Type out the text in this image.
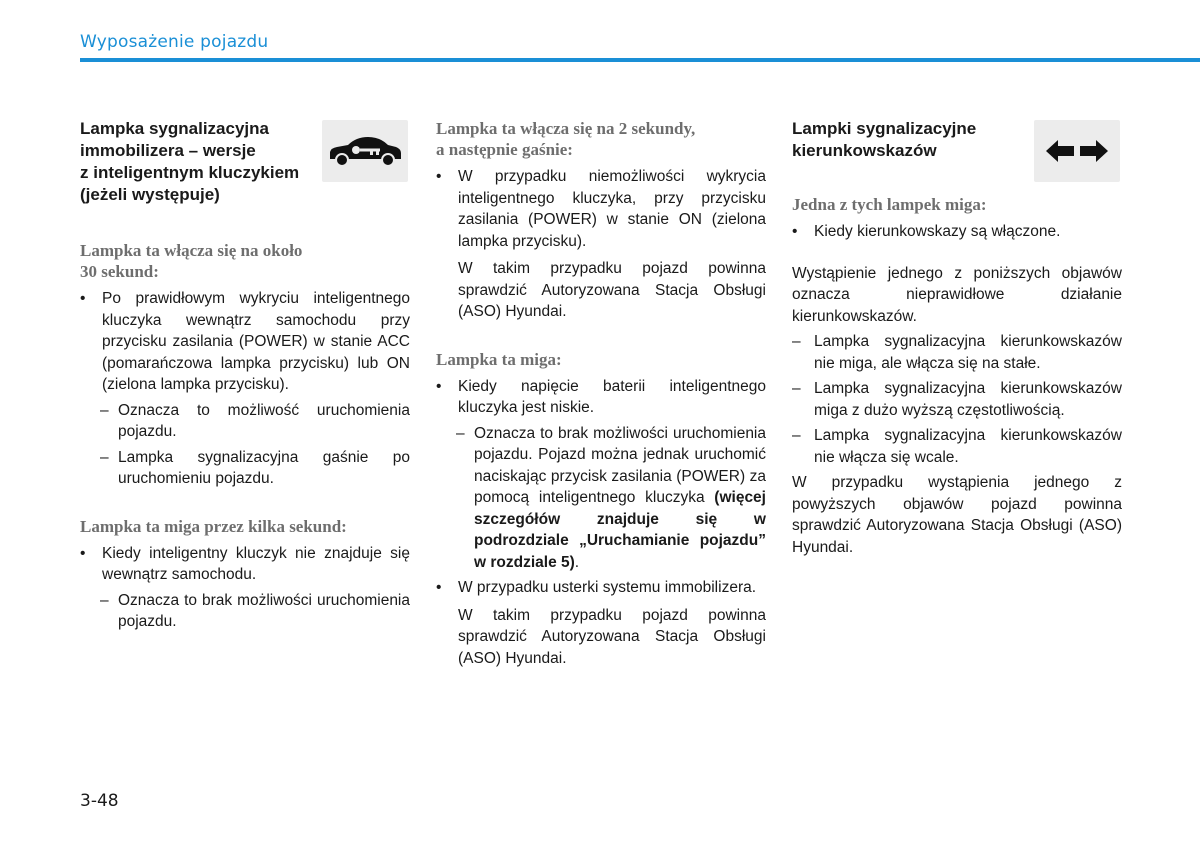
Wyposażenie pojazdu
Lampka sygnalizacyjna
immobilizera – wersje
z inteligentnym kluczykiem
(jeżeli występuje)
Lampka ta włącza się na około
30 sekund:
• Po prawidłowym wykryciu inteligentnego kluczyka wewnątrz samochodu przy przycisku zasilania (POWER) w stanie ACC (pomarańczowa lampka przycisku) lub ON (zielona lampka przycisku).
– Oznacza to możliwość uruchomienia pojazdu.
– Lampka sygnalizacyjna gaśnie po uruchomieniu pojazdu.
Lampka ta miga przez kilka sekund:
• Kiedy inteligentny kluczyk nie znajduje się wewnątrz samochodu.
– Oznacza to brak możliwości uruchomienia pojazdu.
Lampka ta włącza się na 2 sekundy,
a następnie gaśnie:
• W przypadku niemożliwości wykrycia inteligentnego kluczyka, przy przycisku zasilania (POWER) w stanie ON (zielona lampka przycisku).
W takim przypadku pojazd powinna sprawdzić Autoryzowana Stacja Obsługi (ASO) Hyundai.
Lampka ta miga:
• Kiedy napięcie baterii inteligentnego kluczyka jest niskie.
– Oznacza to brak możliwości uruchomienia pojazdu. Pojazd można jednak uruchomić naciskając przycisk zasilania (POWER) za pomocą inteligentnego kluczyka (więcej szczegółów znajduje się w podrozdziale „Uruchamianie pojazdu” w rozdziale 5).
• W przypadku usterki systemu immobilizera.
W takim przypadku pojazd powinna sprawdzić Autoryzowana Stacja Obsługi (ASO) Hyundai.
Lampki sygnalizacyjne
kierunkowskazów
Jedna z tych lampek miga:
• Kiedy kierunkowskazy są włączone.
Wystąpienie jednego z poniższych objawów oznacza nieprawidłowe działanie kierunkowskazów.
– Lampka sygnalizacyjna kierunkowskazów nie miga, ale włącza się na stałe.
– Lampka sygnalizacyjna kierunkowskazów miga z dużo wyższą częstotliwością.
– Lampka sygnalizacyjna kierunkowskazów nie włącza się wcale.
W przypadku wystąpienia jednego z powyższych objawów pojazd powinna sprawdzić Autoryzowana Stacja Obsługi (ASO) Hyundai.
3-48
